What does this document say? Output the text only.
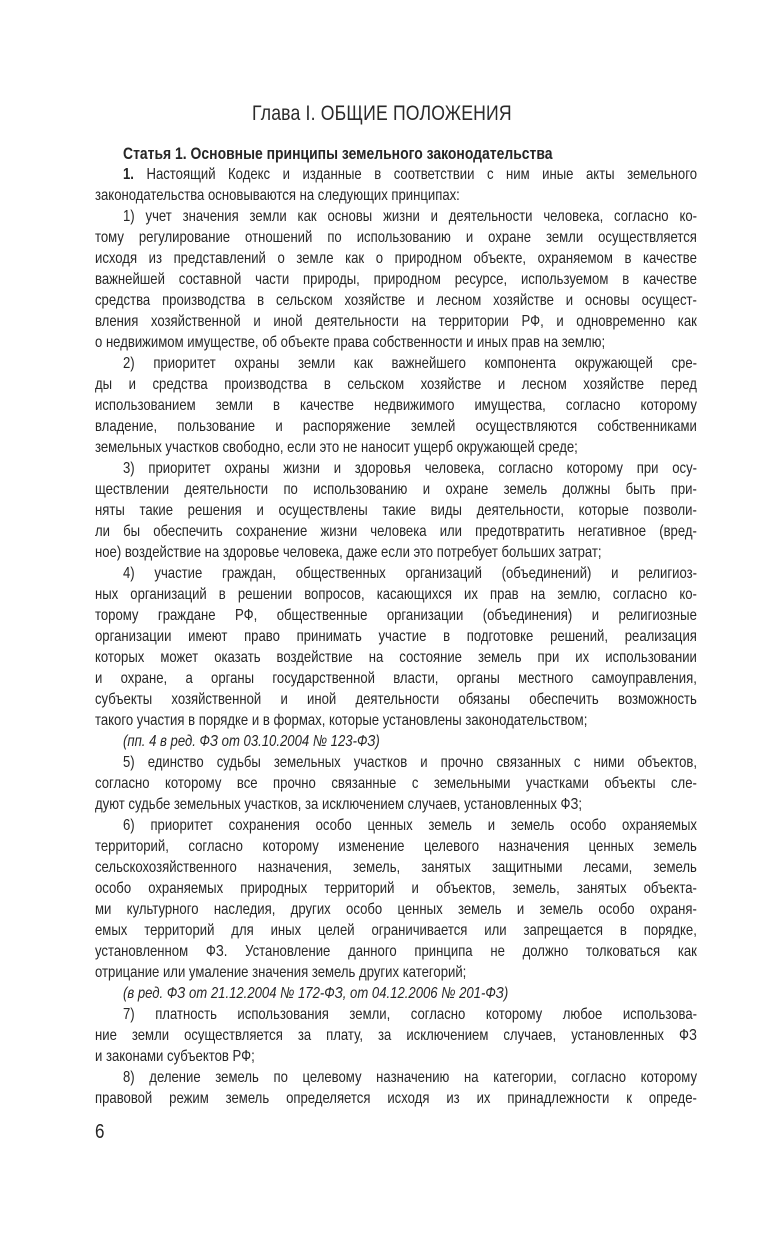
Глава I. ОБЩИЕ ПОЛОЖЕНИЯ
Статья 1. Основные принципы земельного законодательства
1. Настоящий Кодекс и изданные в соответствии с ним иные акты земельного
законодательства основываются на следующих принципах:
1) учет значения земли как основы жизни и деятельности человека, согласно ко-
тому регулирование отношений по использованию и охране земли осуществляется
исходя из представлений о земле как о природном объекте, охраняемом в качестве
важнейшей составной части природы, природном ресурсе, используемом в качестве
средства производства в сельском хозяйстве и лесном хозяйстве и основы осущест-
вления хозяйственной и иной деятельности на территории РФ, и одновременно как
о недвижимом имуществе, об объекте права собственности и иных прав на землю;
2) приоритет охраны земли как важнейшего компонента окружающей сре-
ды и средства производства в сельском хозяйстве и лесном хозяйстве перед
использованием земли в качестве недвижимого имущества, согласно которому
владение, пользование и распоряжение землей осуществляются собственниками
земельных участков свободно, если это не наносит ущерб окружающей среде;
3) приоритет охраны жизни и здоровья человека, согласно которому при осу-
ществлении деятельности по использованию и охране земель должны быть при-
няты такие решения и осуществлены такие виды деятельности, которые позволи-
ли бы обеспечить сохранение жизни человека или предотвратить негативное (вред-
ное) воздействие на здоровье человека, даже если это потребует больших затрат;
4) участие граждан, общественных организаций (объединений) и религиоз-
ных организаций в решении вопросов, касающихся их прав на землю, согласно ко-
торому граждане РФ, общественные организации (объединения) и религиозные
организации имеют право принимать участие в подготовке решений, реализация
которых может оказать воздействие на состояние земель при их использовании
и охране, а органы государственной власти, органы местного самоуправления,
субъекты хозяйственной и иной деятельности обязаны обеспечить возможность
такого участия в порядке и в формах, которые установлены законодательством;
(пп. 4 в ред. ФЗ от 03.10.2004 № 123-ФЗ)
5) единство судьбы земельных участков и прочно связанных с ними объектов,
согласно которому все прочно связанные с земельными участками объекты сле-
дуют судьбе земельных участков, за исключением случаев, установленных ФЗ;
6) приоритет сохранения особо ценных земель и земель особо охраняемых
территорий, согласно которому изменение целевого назначения ценных земель
сельскохозяйственного назначения, земель, занятых защитными лесами, земель
особо охраняемых природных территорий и объектов, земель, занятых объекта-
ми культурного наследия, других особо ценных земель и земель особо охраня-
емых территорий для иных целей ограничивается или запрещается в порядке,
установленном ФЗ. Установление данного принципа не должно толковаться как
отрицание или умаление значения земель других категорий;
(в ред. ФЗ от 21.12.2004 № 172-ФЗ, от 04.12.2006 № 201-ФЗ)
7) платность использования земли, согласно которому любое использова-
ние земли осуществляется за плату, за исключением случаев, установленных ФЗ
и законами субъектов РФ;
8) деление земель по целевому назначению на категории, согласно которому
правовой режим земель определяется исходя из их принадлежности к опреде-
6
